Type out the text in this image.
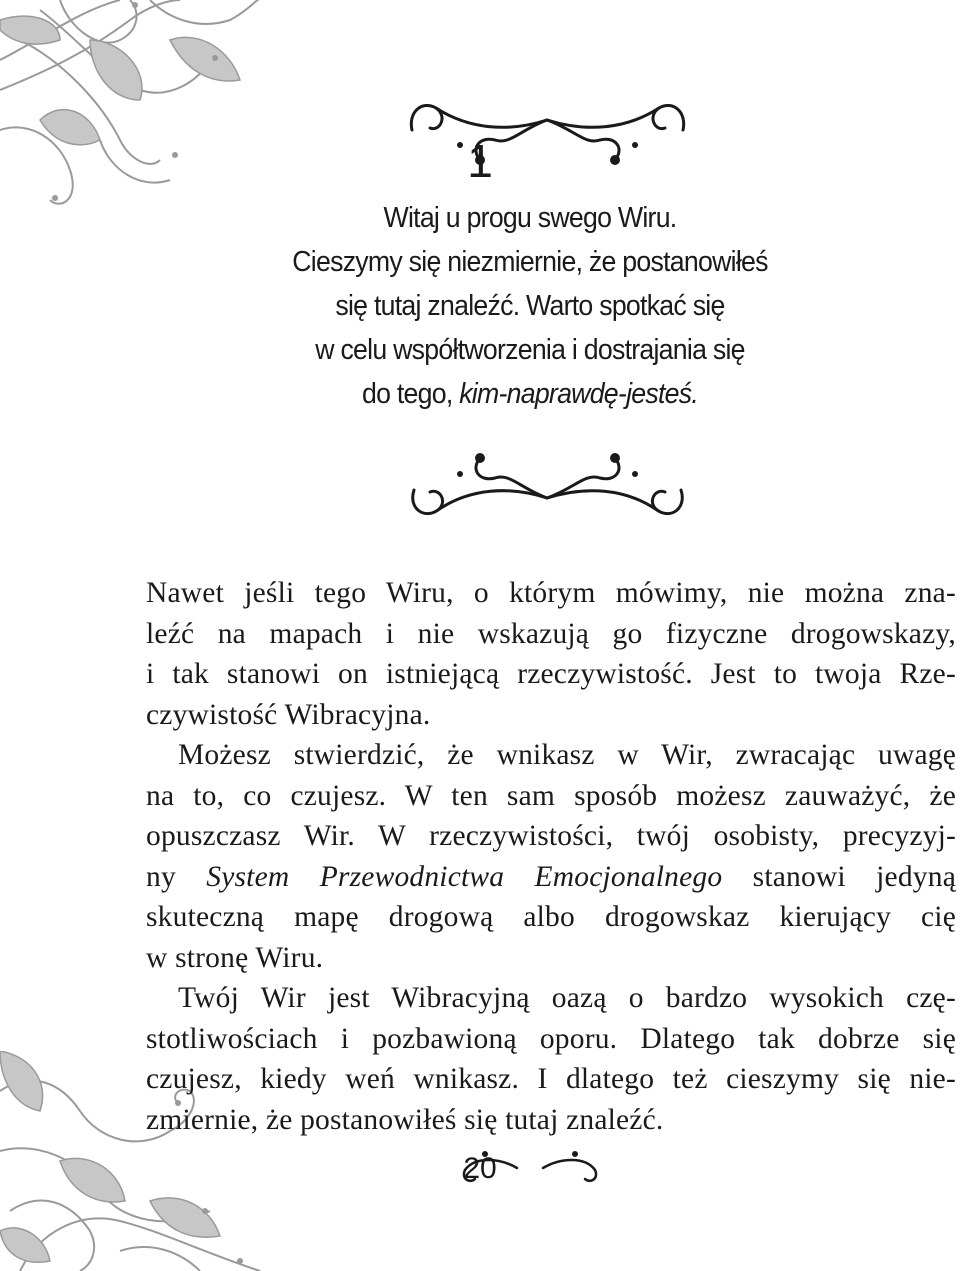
1
Witaj u progu swego Wiru.
Cieszymy się niezmiernie, że postanowiłeś
się tutaj znaleźć. Warto spotkać się
w celu współtworzenia i dostrajania się
do tego, kim-naprawdę-jesteś.
Nawet jeśli tego Wiru, o którym mówimy, nie można zna-
leźć na mapach i nie wskazują go fizyczne drogowskazy,
i tak stanowi on istniejącą rzeczywistość. Jest to twoja Rze-
czywistość Wibracyjna.
Możesz stwierdzić, że wnikasz w Wir, zwracając uwagę
na to, co czujesz. W ten sam sposób możesz zauważyć, że
opuszczasz Wir. W rzeczywistości, twój osobisty, precyzyj-
ny System Przewodnictwa Emocjonalnego stanowi jedyną
skuteczną mapę drogową albo drogowskaz kierujący cię
w stronę Wiru.
Twój Wir jest Wibracyjną oazą o bardzo wysokich czę-
stotliwościach i pozbawioną oporu. Dlatego tak dobrze się
czujesz, kiedy weń wnikasz. I dlatego też cieszymy się nie-
zmiernie, że postanowiłeś się tutaj znaleźć.
20
